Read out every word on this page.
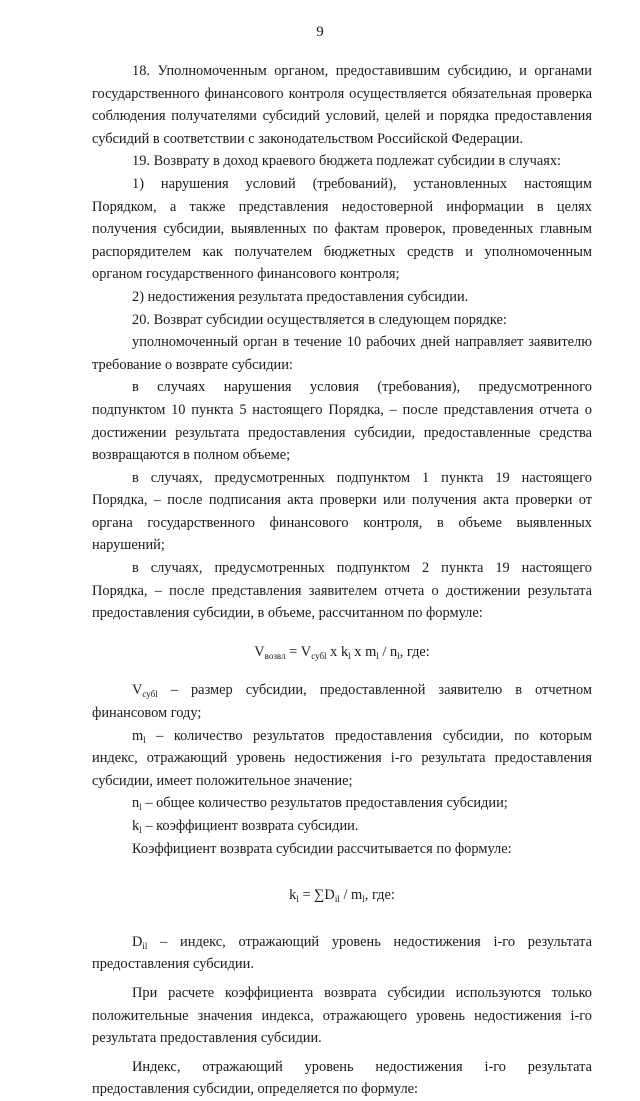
9

18. Уполномоченным органом, предоставившим субсидию, и органами государственного финансового контроля осуществляется обязательная проверка соблюдения получателями субсидий условий, целей и порядка предоставления субсидий в соответствии с законодательством Российской Федерации.

19. Возврату в доход краевого бюджета подлежат субсидии в случаях:

1) нарушения условий (требований), установленных настоящим Порядком, а также представления недостоверной информации в целях получения субсидии, выявленных по фактам проверок, проведенных главным распорядителем как получателем бюджетных средств и уполномоченным органом государственного финансового контроля;

2) недостижения результата предоставления субсидии.

20. Возврат субсидии осуществляется в следующем порядке:

уполномоченный орган в течение 10 рабочих дней направляет заявителю требование о возврате субсидии:

в случаях нарушения условия (требования), предусмотренного подпунктом 10 пункта 5 настоящего Порядка, – после представления отчета о достижении результата предоставления субсидии, предоставленные средства возвращаются в полном объеме;

в случаях, предусмотренных подпунктом 1 пункта 19 настоящего Порядка, – после подписания акта проверки или получения акта проверки от органа государственного финансового контроля, в объеме выявленных нарушений;

в случаях, предусмотренных подпунктом 2 пункта 19 настоящего Порядка, – после представления заявителем отчета о достижении результата предоставления субсидии, в объеме, рассчитанном по формуле:

$V_{возвл} = V_{субl}$ x $k_l$ x $m_l / n_l$, где:

$V_{субl}$ – размер субсидии, предоставленной заявителю в отчетном финансовом году;

$m_l$ – количество результатов предоставления субсидии, по которым индекс, отражающий уровень недостижения i-го результата предоставления субсидии, имеет положительное значение;

$n_l$ – общее количество результатов предоставления субсидии;

$k_l$ – коэффициент возврата субсидии.

Коэффициент возврата субсидии рассчитывается по формуле:

$k_l = \sum D_{il} / m_l$, где:

$D_{il}$ – индекс, отражающий уровень недостижения i-го результата предоставления субсидии.

При расчете коэффициента возврата субсидии используются только положительные значения индекса, отражающего уровень недостижения i-го результата предоставления субсидии.

Индекс, отражающий уровень недостижения i-го результата предоставления субсидии, определяется по формуле:
